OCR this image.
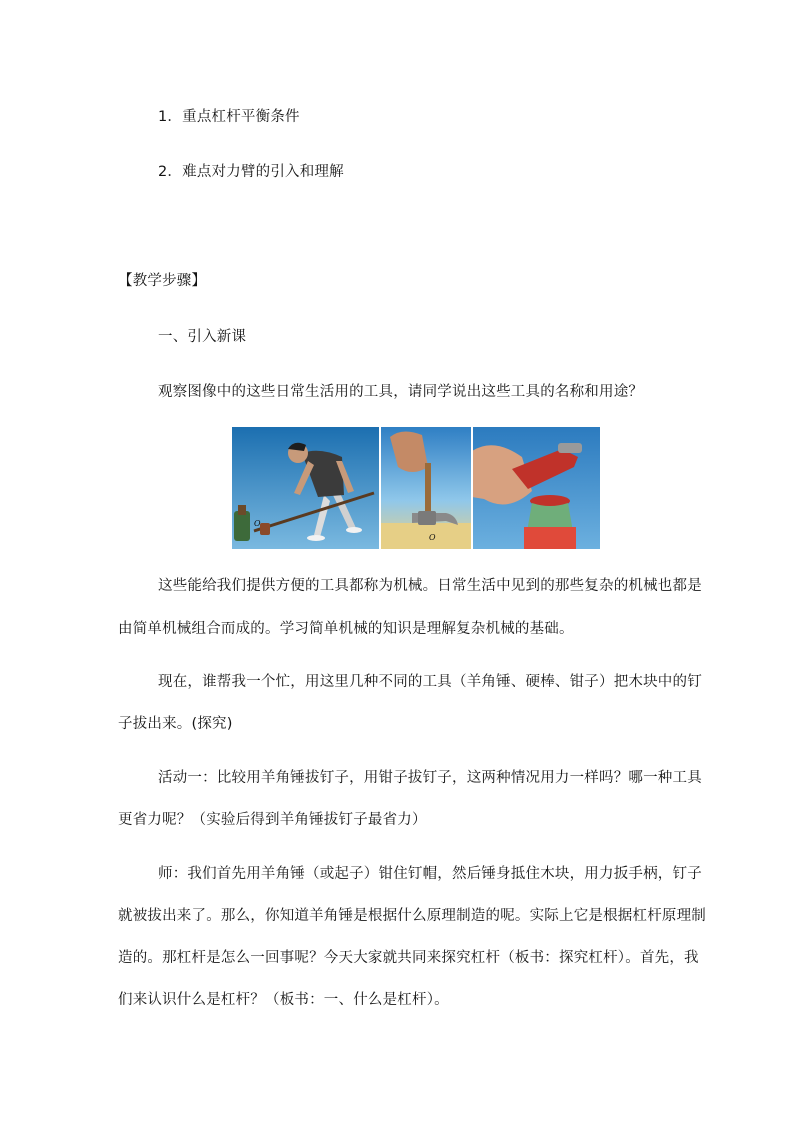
1．重点杠杆平衡条件

2．难点对力臂的引入和理解

【教学步骤】

一、引入新课

观察图像中的这些日常生活用的工具，请同学说出这些工具的名称和用途？

O
O

这些能给我们提供方便的工具都称为机械。日常生活中见到的那些复杂的机械也都是

由简单机械组合而成的。学习简单机械的知识是理解复杂机械的基础。

现在，谁帮我一个忙，用这里几种不同的工具（羊角锤、硬棒、钳子）把木块中的钉

子拔出来。(探究)

活动一：比较用羊角锤拔钉子，用钳子拔钉子，这两种情况用力一样吗？哪一种工具

更省力呢？（实验后得到羊角锤拔钉子最省力）

师：我们首先用羊角锤（或起子）钳住钉帽，然后锤身抵住木块，用力扳手柄，钉子

就被拔出来了。那么，你知道羊角锤是根据什么原理制造的呢。实际上它是根据杠杆原理制

造的。那杠杆是怎么一回事呢？今天大家就共同来探究杠杆（板书：探究杠杆）。首先，我

们来认识什么是杠杆？（板书：一、什么是杠杆）。
